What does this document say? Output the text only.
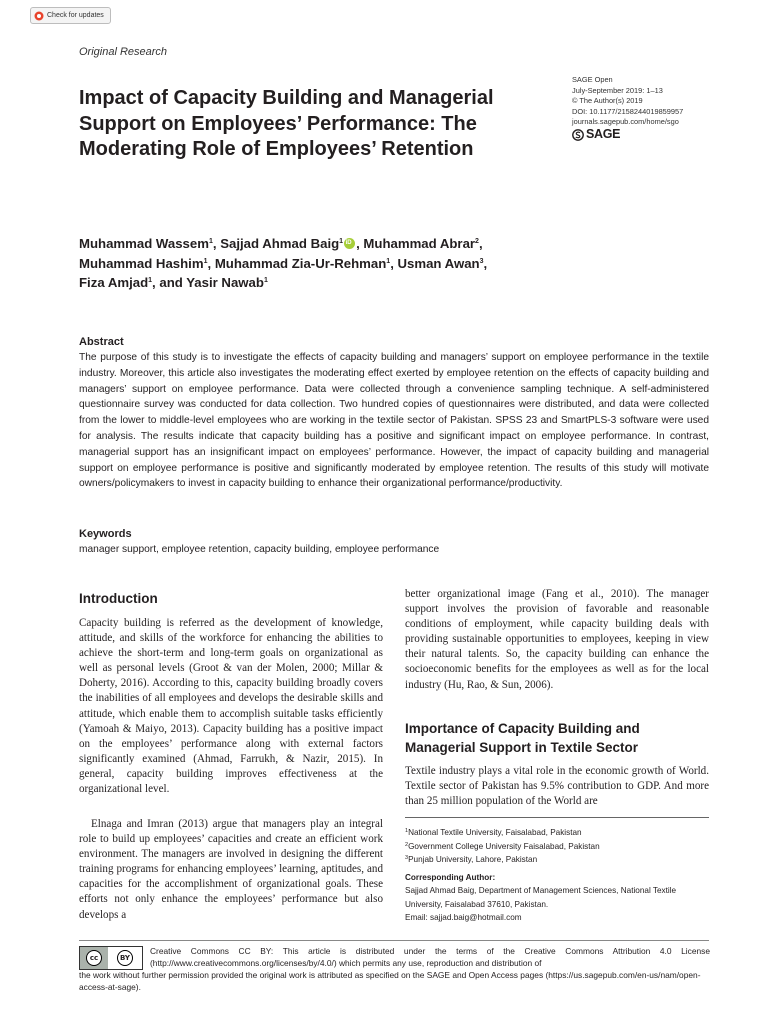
Check for updates
Original Research
Impact of Capacity Building and Managerial Support on Employees’ Performance: The Moderating Role of Employees’ Retention
SAGE Open
July-September 2019: 1–13
© The Author(s) 2019
DOI: 10.1177/2158244019859957
journals.sagepub.com/home/sgo
SAGE
Muhammad Wassem$^1$, Sajjad Ahmad Baig$^1$iD , Muhammad Abrar$^2$,
Muhammad Hashim$^1$, Muhammad Zia-Ur-Rehman$^1$, Usman Awan$^3$,
Fiza Amjad$^1$, and Yasir Nawab$^1$
Abstract

The purpose of this study is to investigate the effects of capacity building and managers’ support on employee performance in the textile industry. Moreover, this article also investigates the moderating effect exerted by employee retention on the effects of capacity building and managers’ support on employee performance. Data were collected through a convenience sampling technique. A self-administered questionnaire survey was conducted for data collection. Two hundred copies of questionnaires were distributed, and data were collected from the lower to middle-level employees who are working in the textile sector of Pakistan. SPSS 23 and SmartPLS-3 software were used for analysis. The results indicate that capacity building has a positive and significant impact on employee performance. In contrast, managerial support has an insignificant impact on employees’ performance. However, the impact of capacity building and managerial support on employee performance is positive and significantly moderated by employee retention. The results of this study will motivate owners/policymakers to invest in capacity building to enhance their organizational performance/productivity.

Keywords
manager support, employee retention, capacity building, employee performance
Introduction

Capacity building is referred as the development of knowledge, attitude, and skills of the workforce for enhancing the abilities to achieve the short-term and long-term goals on organizational as well as personal levels (Groot & van der Molen, 2000; Millar & Doherty, 2016). According to this, capacity building broadly covers the inabilities of all employees and develops the desirable skills and attitude, which enable them to accomplish suitable tasks efficiently (Yamoah & Maiyo, 2013). Capacity building has a positive impact on the employees’ performance along with external factors significantly examined (Ahmad, Farrukh, & Nazir, 2015). In general, capacity building improves effectiveness at the organizational level.

Elnaga and Imran (2013) argue that managers play an integral role to build up employees’ capacities and create an efficient work environment. The managers are involved in designing the different training programs for enhancing employees’ learning, aptitudes, and capacities for the accomplishment of organizational goals. These efforts not only enhance the employees’ performance but also develops a

better organizational image (Fang et al., 2010). The manager support involves the provision of favorable and reasonable conditions of employment, while capacity building deals with providing sustainable opportunities to employees, keeping in view their natural talents. So, the capacity building can enhance the socioeconomic benefits for the employees as well as for the local industry (Hu, Rao, & Sun, 2006).

Importance of Capacity Building and Managerial Support in Textile Sector

Textile industry plays a vital role in the economic growth of World. Textile sector of Pakistan has 9.5% contribution to GDP. And more than 25 million population of the World are

$^1$National Textile University, Faisalabad, Pakistan
$^2$Government College University Faisalabad, Pakistan
$^3$Punjab University, Lahore, Pakistan
Corresponding Author:
Sajjad Ahmad Baig, Department of Management Sciences, National Textile University, Faisalabad 37610, Pakistan.
Email: sajjad.baig@hotmail.com
cc	BY

Creative Commons CC BY: This article is distributed under the terms of the Creative Commons Attribution 4.0 License (http://www.creativecommons.org/licenses/by/4.0/) which permits any use, reproduction and distribution of

the work without further permission provided the original work is attributed as specified on the SAGE and Open Access pages (https://us.sagepub.com/en-us/nam/open-access-at-sage).
